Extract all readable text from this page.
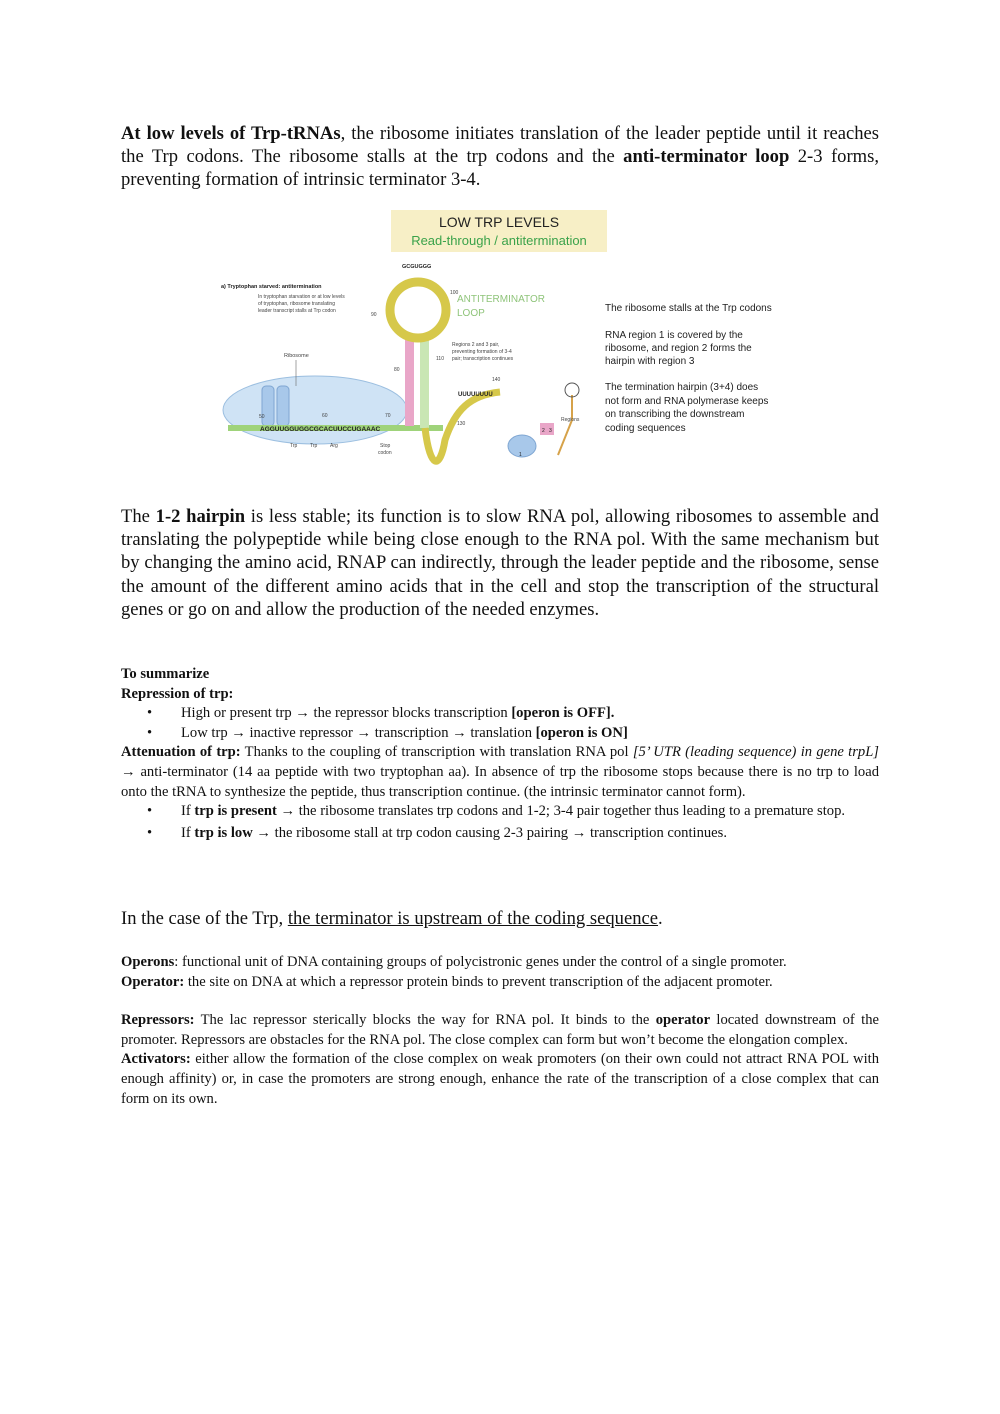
At low levels of Trp-tRNAs, the ribosome initiates translation of the leader peptide until it reaches the Trp codons. The ribosome stalls at the trp codons and the anti-terminator loop 2-3 forms, preventing formation of intrinsic terminator 3-4.

The 1-2 hairpin is less stable; its function is to slow RNA pol, allowing ribosomes to assemble and translating the polypeptide while being close enough to the RNA pol. With the same mechanism but by changing the amino acid, RNAP can indirectly, through the leader peptide and the ribosome, sense the amount of the different amino acids that in the cell and stop the transcription of the structural genes or go on and allow the production of the needed enzymes.

To summarize
Repression of trp:
• High or present trp → the repressor blocks transcription [operon is OFF].
• Low trp → inactive repressor → transcription → translation [operon is ON]
Attenuation of trp: Thanks to the coupling of transcription with translation RNA pol [5’ UTR (leading sequence) in gene trpL] → anti-terminator (14 aa peptide with two tryptophan aa). In absence of trp the ribosome stops because there is no trp to load onto the tRNA to synthesize the peptide, thus transcription continue. (the intrinsic terminator cannot form).
• If trp is present → the ribosome translates trp codons and 1-2; 3-4 pair together thus leading to a premature stop.
• If trp is low → the ribosome stall at trp codon causing 2-3 pairing → transcription continues.

In the case of the Trp, the terminator is upstream of the coding sequence.

Operons: functional unit of DNA containing groups of polycistronic genes under the control of a single promoter.
Operator: the site on DNA at which a repressor protein binds to prevent transcription of the adjacent promoter.
Repressors: The lac repressor sterically blocks the way for RNA pol. It binds to the operator located downstream of the promoter. Repressors are obstacles for the RNA pol. The close complex can form but won’t become the elongation complex.
Activators: either allow the formation of the close complex on weak promoters (on their own could not attract RNA POL with enough affinity) or, in case the promoters are strong enough, enhance the rate of the transcription of a close complex that can form on its own.
LOW TRP LEVELS
Read-through / antitermination
a) Tryptophan starved: antitermination
In tryptophan starvation or at low levels
of tryptophan, ribosome translating
leader transcript stalls at Trp codon
Ribosome
AGGUUGGUGGCGCACUUCCUGAAAC
50	60	70
Trp	Trp	Arg	Stop
codon
GCGUGGG
100
90
80
110
130
140
ANTITERMINATOR
LOOP
Regions 2 and 3 pair,
preventing formation of 3-4
pair; transcription continues
UUUUUUUU
1
2 3
Regions
The ribosome stalls at the Trp codons
RNA region 1 is covered by the
ribosome, and region 2 forms the
hairpin with region 3
The termination hairpin (3+4) does
not form and RNA polymerase keeps
on transcribing the downstream
coding sequences
